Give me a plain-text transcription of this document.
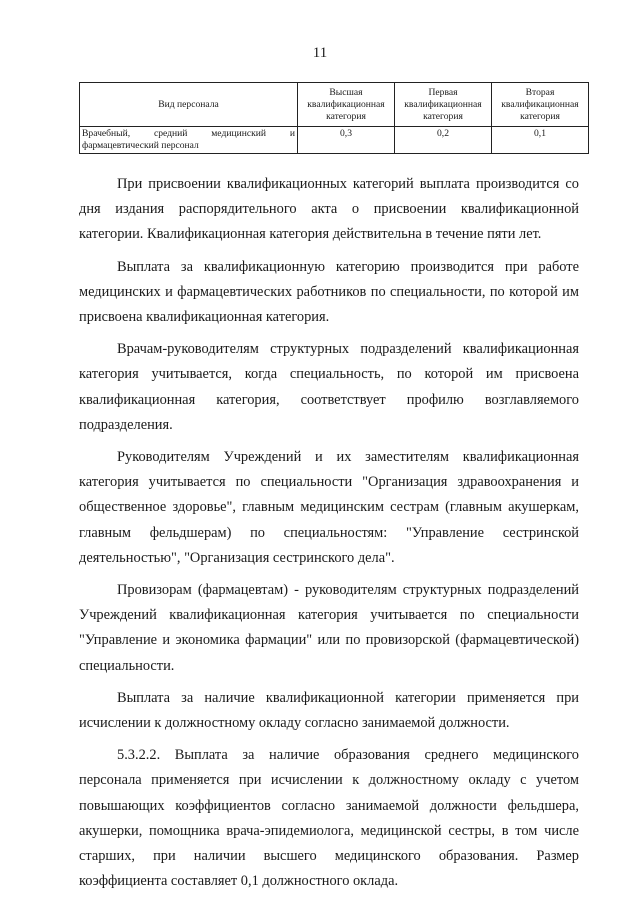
11
Вид персонала	Высшая квалификационная категория	Первая квалификационная категория	Вторая квалификационная категория
Врачебный, средний медицинский и фармацевтический персонал	0,3	0,2	0,1

При присвоении квалификационных категорий выплата производится со дня издания распорядительного акта о присвоении квалификационной категории. Квалификационная категория действительна в течение пяти лет.

Выплата за квалификационную категорию производится при работе медицинских и фармацевтических работников по специальности, по которой им присвоена квалификационная категория.

Врачам-руководителям структурных подразделений квалификационная категория учитывается, когда специальность, по которой им присвоена квалификационная категория, соответствует профилю возглавляемого подразделения.

Руководителям Учреждений и их заместителям квалификационная категория учитывается по специальности "Организация здравоохранения и общественное здоровье", главным медицинским сестрам (главным акушеркам, главным фельдшерам) по специальностям: "Управление сестринской деятельностью", "Организация сестринского дела".

Провизорам (фармацевтам) - руководителям структурных подразделений Учреждений квалификационная категория учитывается по специальности "Управление и экономика фармации" или по провизорской (фармацевтической) специальности.

Выплата за наличие квалификационной категории применяется при исчислении к должностному окладу согласно занимаемой должности.

5.3.2.2. Выплата за наличие образования среднего медицинского персонала применяется при исчислении к должностному окладу с учетом повышающих коэффициентов согласно занимаемой должности фельдшера, акушерки, помощника врача-эпидемиолога, медицинской сестры, в том числе старших, при наличии высшего медицинского образования. Размер коэффициента составляет 0,1 должностного оклада.
